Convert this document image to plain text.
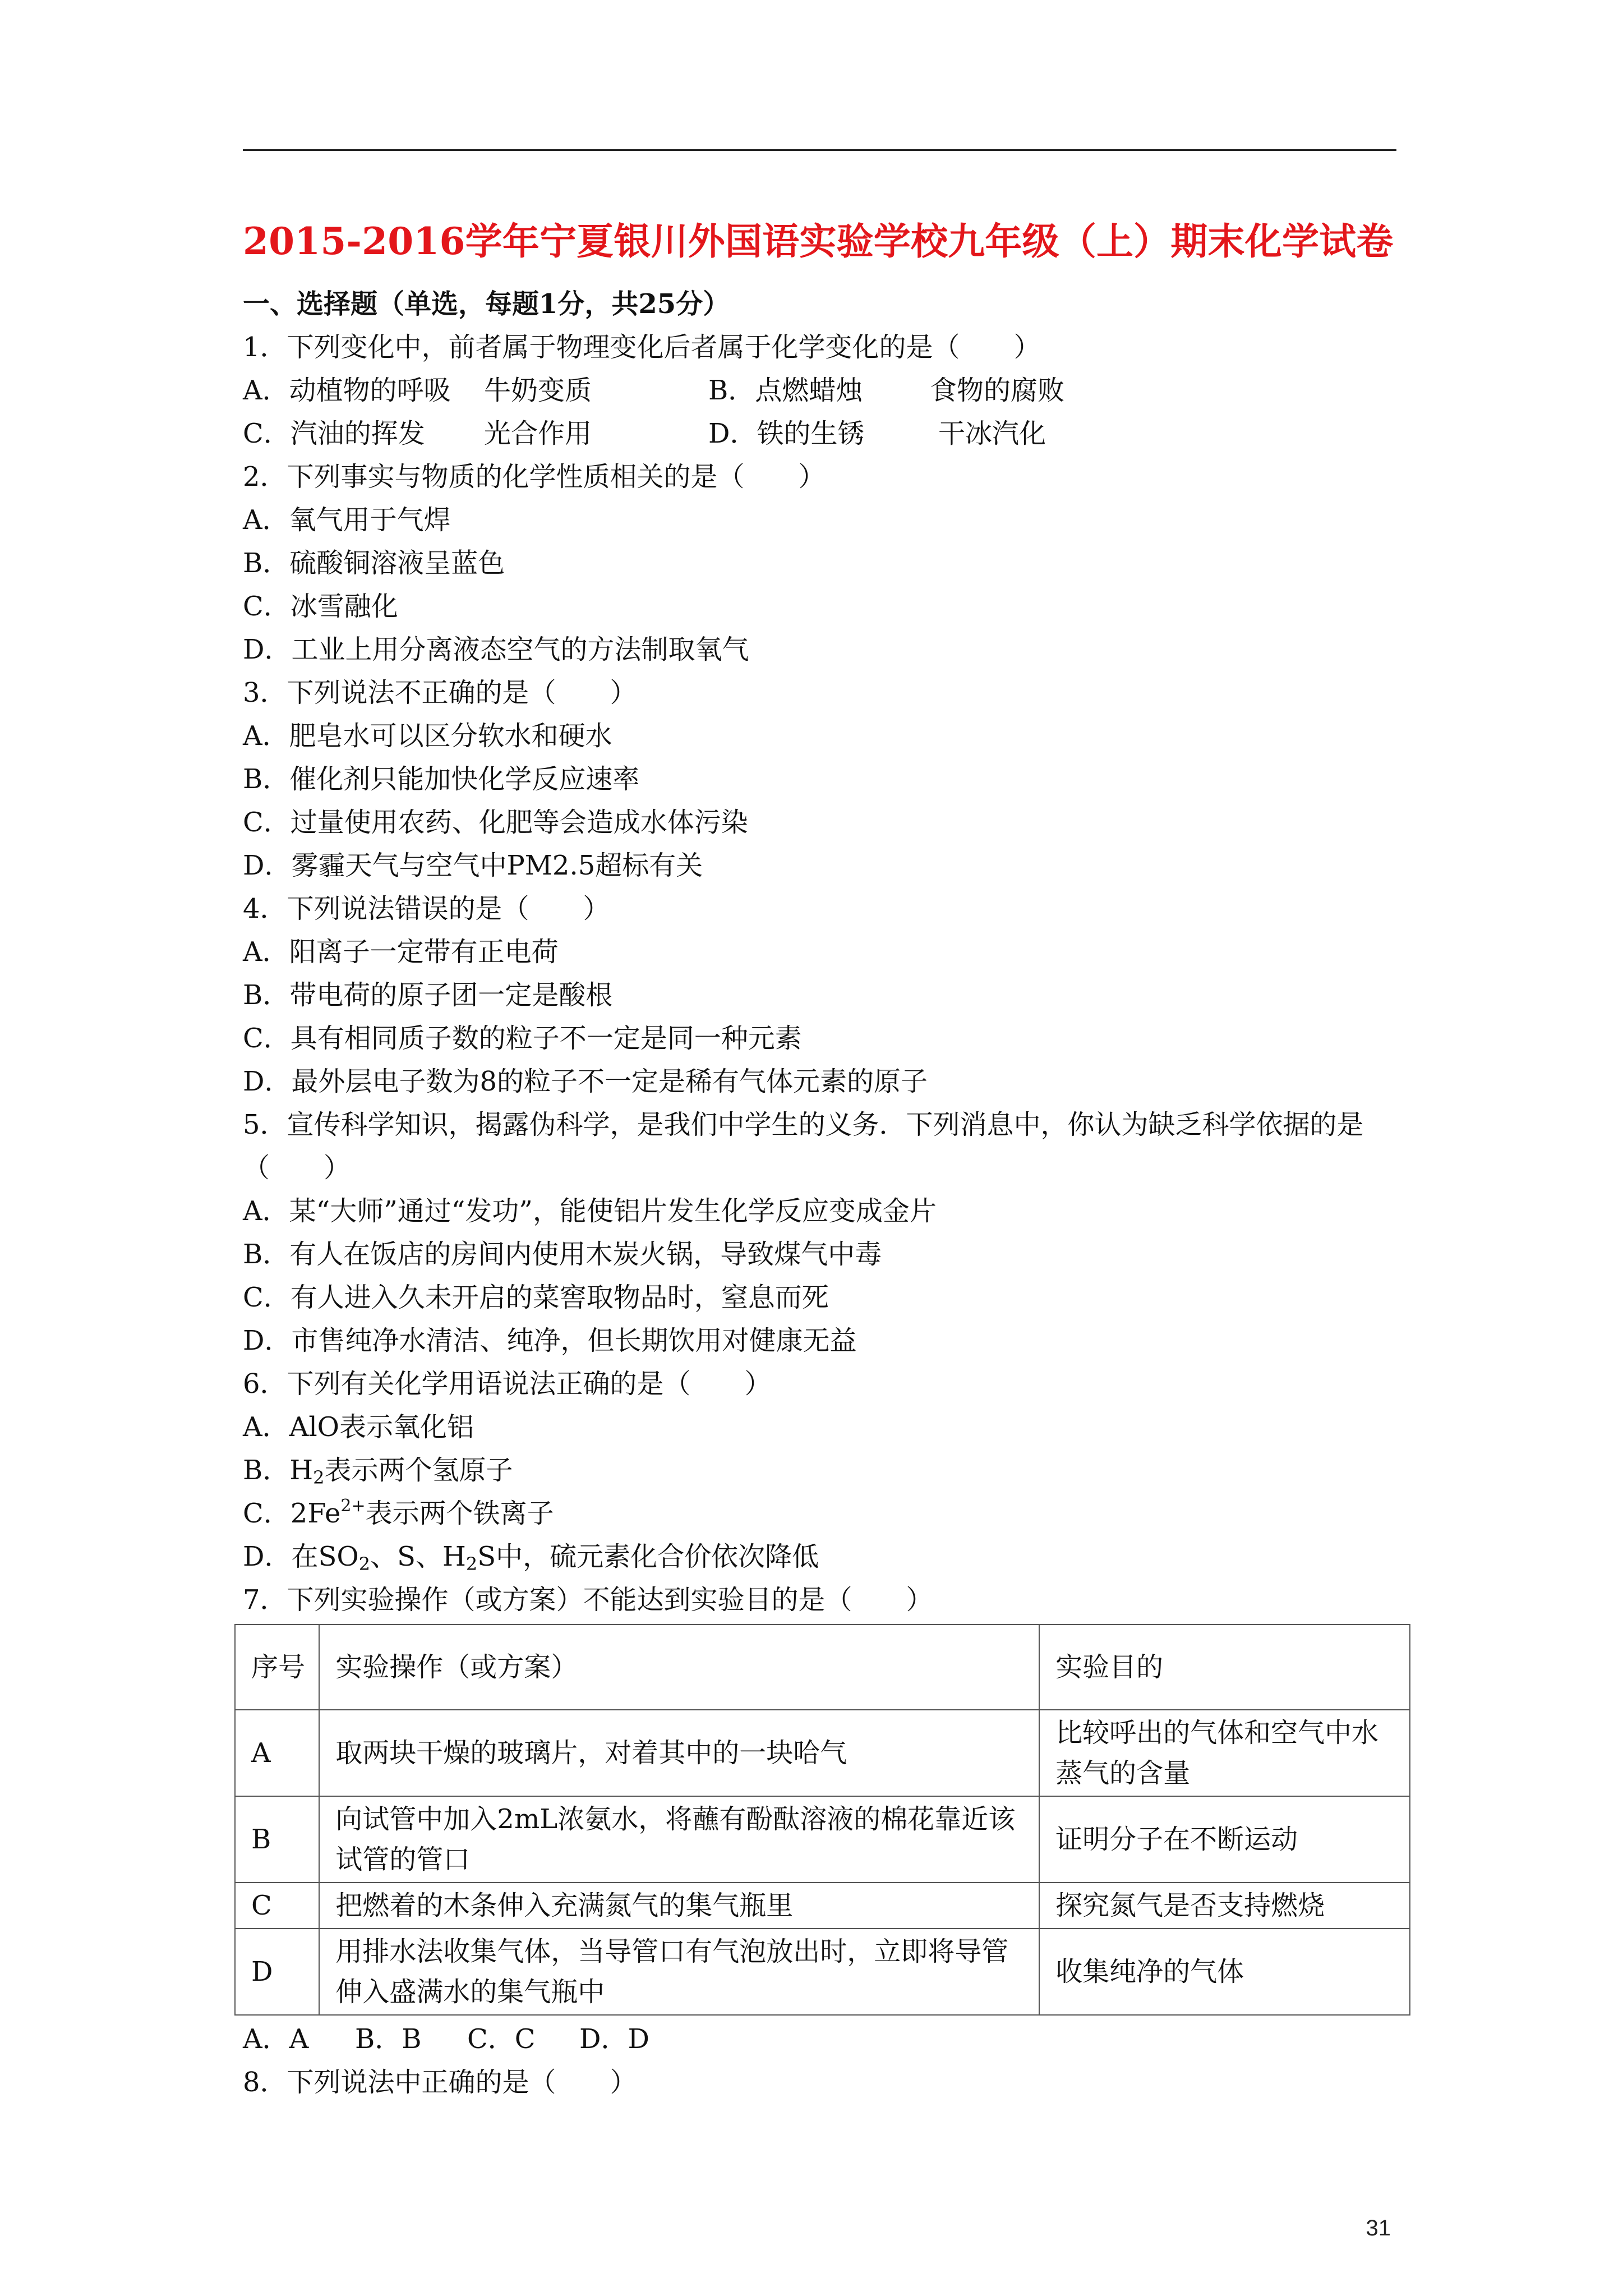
2015-2016学年宁夏银川外国语实验学校九年级（上）期末化学试卷
一、选择题（单选，每题1分，共25分）
1．下列变化中，前者属于物理变化后者属于化学变化的是（　　）
A．动植物的呼吸 牛奶变质	B．点燃蜡烛 食物的腐败
C．汽油的挥发 光合作用	D．铁的生锈	干冰汽化
2．下列事实与物质的化学性质相关的是（　　）
A．氧气用于气焊
B．硫酸铜溶液呈蓝色
C．冰雪融化
D．工业上用分离液态空气的方法制取氧气
3．下列说法不正确的是（　　）
A．肥皂水可以区分软水和硬水
B．催化剂只能加快化学反应速率
C．过量使用农药、化肥等会造成水体污染
D．雾霾天气与空气中PM2.5超标有关
4．下列说法错误的是（　　）
A．阳离子一定带有正电荷
B．带电荷的原子团一定是酸根
C．具有相同质子数的粒子不一定是同一种元素
D．最外层电子数为8的粒子不一定是稀有气体元素的原子
5．宣传科学知识，揭露伪科学，是我们中学生的义务．下列消息中，你认为缺乏科学依据的是（　　）
A．某“大师”通过“发功”，能使铝片发生化学反应变成金片
B．有人在饭店的房间内使用木炭火锅，导致煤气中毒
C．有人进入久未开启的菜窖取物品时，窒息而死
D．市售纯净水清洁、纯净，但长期饮用对健康无益
6．下列有关化学用语说法正确的是（　　）
A．AlO表示氧化铝
B．$H_2$表示两个氢原子
C．$2Fe^{2+}$表示两个铁离子
D．在$SO_2$、S、$H_2S$中，硫元素化合价依次降低
7．下列实验操作（或方案）不能达到实验目的是（　　）
序号	实验操作（或方案）	实验目的
A	取两块干燥的玻璃片，对着其中的一块哈气	比较呼出的气体和空气中水蒸气的含量
B	向试管中加入2mL浓氨水，将蘸有酚酞溶液的棉花靠近该试管的管口	证明分子在不断运动
C	把燃着的木条伸入充满氮气的集气瓶里	探究氮气是否支持燃烧
D	用排水法收集气体，当导管口有气泡放出时，立即将导管伸入盛满水的集气瓶中	收集纯净的气体
A．A B．B C．C D．D
8．下列说法中正确的是（　　）
31
